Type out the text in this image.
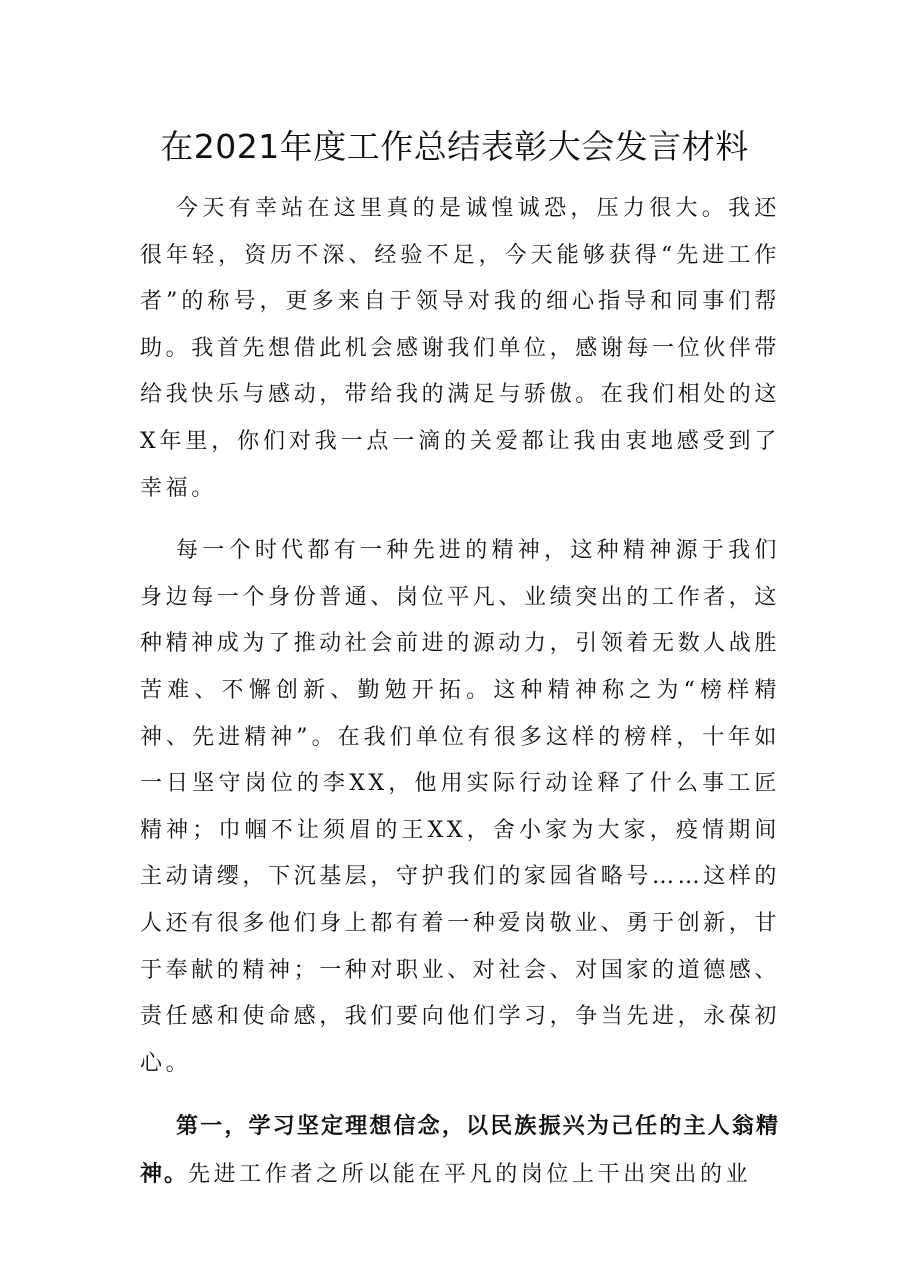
在2021年度工作总结表彰大会发言材料

今天有幸站在这里真的是诚惶诚恐，压力很大。我还很年轻，资历不深、经验不足，今天能够获得“先进工作者”的称号，更多来自于领导对我的细心指导和同事们帮助。我首先想借此机会感谢我们单位，感谢每一位伙伴带给我快乐与感动，带给我的满足与骄傲。在我们相处的这X年里，你们对我一点一滴的关爱都让我由衷地感受到了幸福。

每一个时代都有一种先进的精神，这种精神源于我们身边每一个身份普通、岗位平凡、业绩突出的工作者，这种精神成为了推动社会前进的源动力，引领着无数人战胜苦难、不懈创新、勤勉开拓。这种精神称之为“榜样精神、先进精神”。在我们单位有很多这样的榜样，十年如一日坚守岗位的李XX，他用实际行动诠释了什么事工匠精神；巾帼不让须眉的王XX，舍小家为大家，疫情期间主动请缨，下沉基层，守护我们的家园省略号……这样的人还有很多他们身上都有着一种爱岗敬业、勇于创新，甘于奉献的精神；一种对职业、对社会、对国家的道德感、责任感和使命感，我们要向他们学习，争当先进，永葆初心。

第一，学习坚定理想信念，以民族振兴为己任的主人翁精神。先进工作者之所以能在平凡的岗位上干出突出的业
